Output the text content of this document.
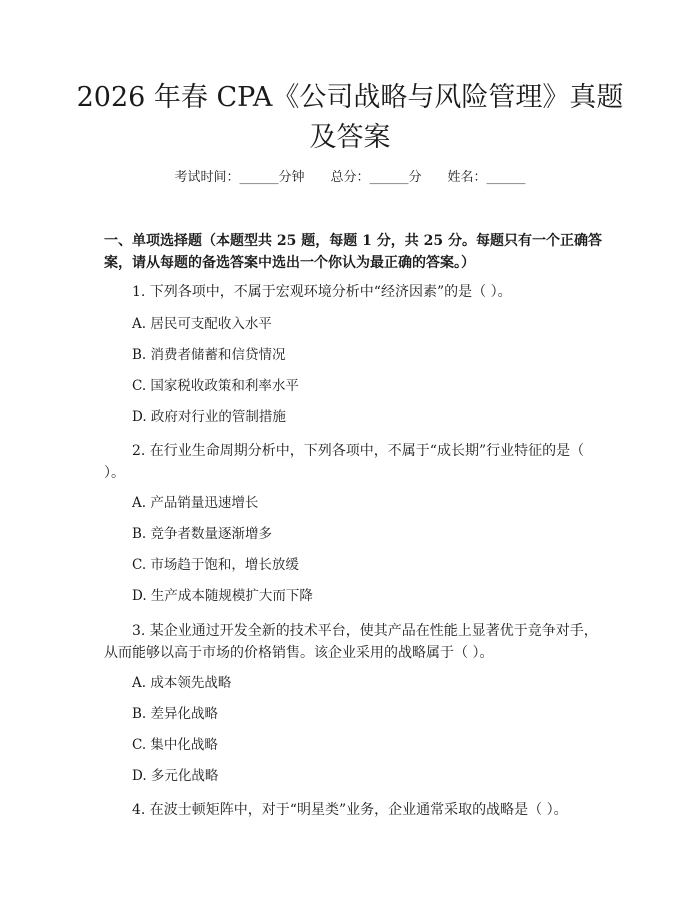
2026 年春 CPA《公司战略与风险管理》真题
及答案
考试时间：______分钟 总分：______分 姓名：______

一、单项选择题（本题型共 25 题，每题 1 分，共 25 分。每题只有一个正确答案，请从每题的备选答案中选出一个你认为最正确的答案。）

1. 下列各项中，不属于宏观环境分析中“经济因素”的是（ ）。

A. 居民可支配收入水平

B. 消费者储蓄和信贷情况

C. 国家税收政策和利率水平

D. 政府对行业的管制措施

2. 在行业生命周期分析中，下列各项中，不属于“成长期”行业特征的是（ ）。

A. 产品销量迅速增长

B. 竞争者数量逐渐增多

C. 市场趋于饱和，增长放缓

D. 生产成本随规模扩大而下降

3. 某企业通过开发全新的技术平台，使其产品在性能上显著优于竞争对手，从而能够以高于市场的价格销售。该企业采用的战略属于（ ）。

A. 成本领先战略

B. 差异化战略

C. 集中化战略

D. 多元化战略

4. 在波士顿矩阵中，对于“明星类”业务，企业通常采取的战略是（ ）。
